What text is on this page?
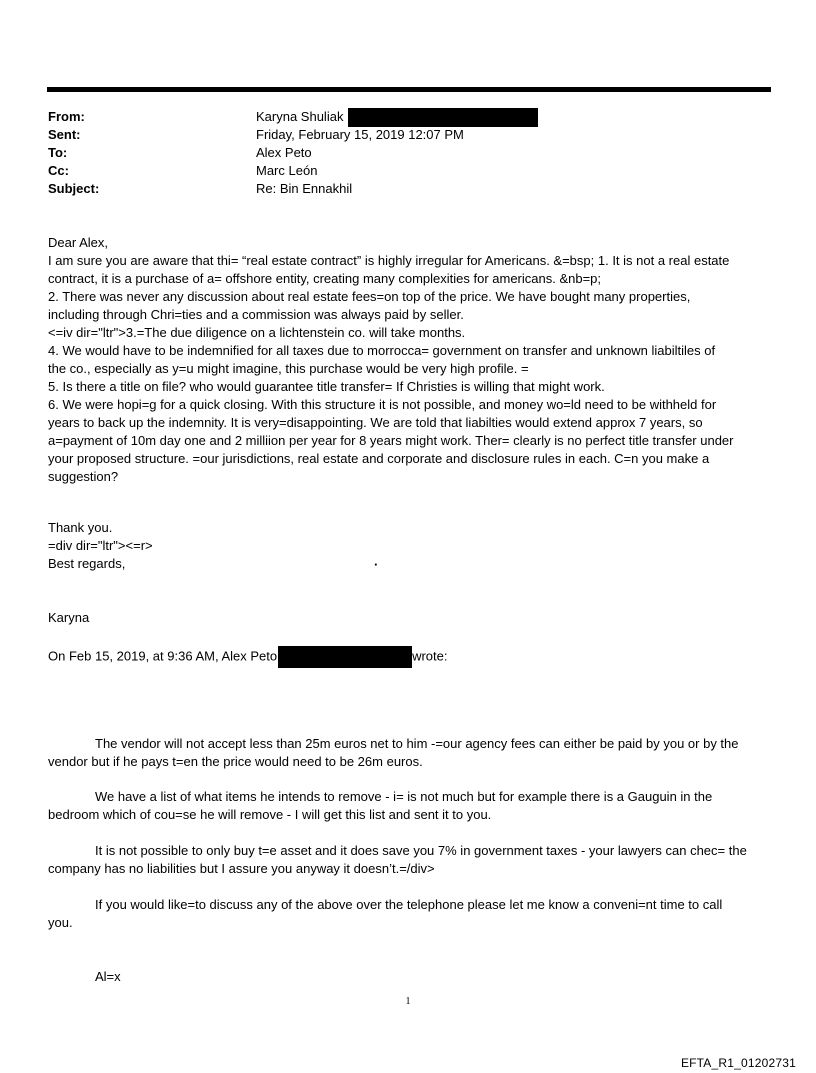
From:	Karyna Shuliak
Sent:	Friday, February 15, 2019 12:07 PM
To:	Alex Peto
Cc:	Marc León
Subject:	Re: Bin Ennakhil
Dear Alex,
I am sure you are aware that thi= “real estate contract” is highly irregular for Americans. &=bsp; 1. It is not a real estate
contract, it is a purchase of a= offshore entity, creating many complexities for americans. &nb=p;
2. There was never any discussion about real estate fees=on top of the price. We have bought many properties,
including through Chri=ties and a commission was always paid by seller.
<=iv dir="ltr">3.=The due diligence on a lichtenstein co. will take months.
4. We would have to be indemnified for all taxes due to morrocca= government on transfer and unknown liabiltiles of
the co., especially as y=u might imagine, this purchase would be very high profile. =
5. Is there a title on file? who would guarantee title transfer= If Christies is willing that might work.
6. We were hopi=g for a quick closing. With this structure it is not possible, and money wo=ld need to be withheld for
years to back up the indemnity. It is very=disappointing. We are told that liabilties would extend approx 7 years, so
a=payment of 10m day one and 2 milliion per year for 8 years might work. Ther= clearly is no perfect title transfer under
your proposed structure. =our jurisdictions, real estate and corporate and disclosure rules in each. C=n you make a
suggestion?
Thank you.
=div dir="ltr"><=r>
Best regards,	·
Karyna
On Feb 15, 2019, at 9:36 AM, Alex Peto	wrote:
The vendor will not accept less than 25m euros net to him -=our agency fees can either be paid by you or by the
vendor but if he pays t=en the price would need to be 26m euros.
We have a list of what items he intends to remove - i= is not much but for example there is a Gauguin in the
bedroom which of cou=se he will remove - I will get this list and sent it to you.
It is not possible to only buy t=e asset and it does save you 7% in government taxes - your lawyers can chec= the
company has no liabilities but I assure you anyway it doesn’t.=/div>
If you would like=to discuss any of the above over the telephone please let me know a conveni=nt time to call
you.
Al=x
1
EFTA_R1_01202731
